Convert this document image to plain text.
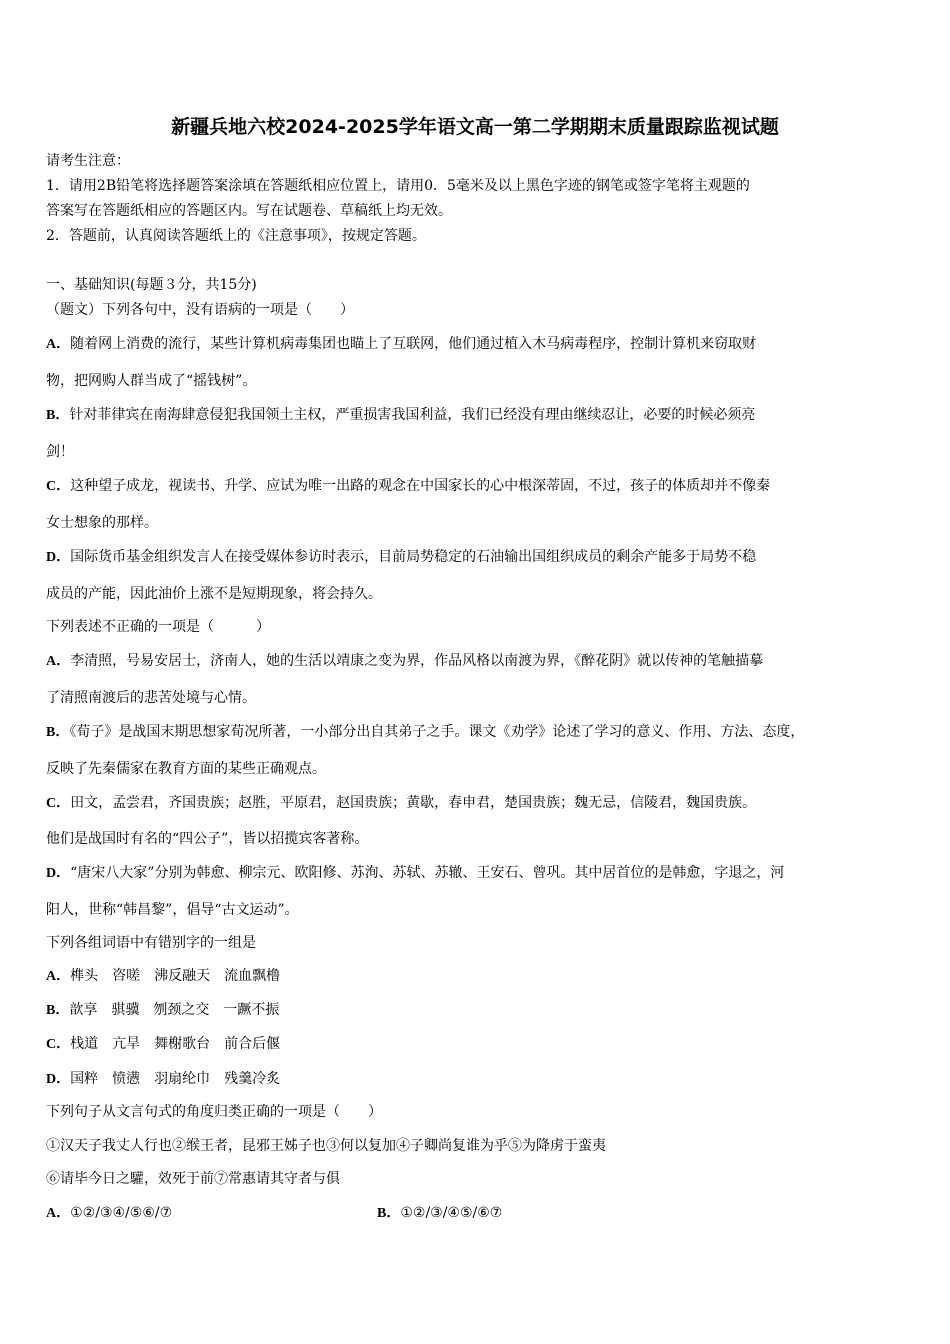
新疆兵地六校2024-2025学年语文高一第二学期期末质量跟踪监视试题
请考生注意：
1．请用2B铅笔将选择题答案涂填在答题纸相应位置上，请用0．5毫米及以上黑色字迹的钢笔或签字笔将主观题的
答案写在答题纸相应的答题区内。写在试题卷、草稿纸上均无效。
2．答题前，认真阅读答题纸上的《注意事项》，按规定答题。
一、基础知识(每题３分，共15分)
（题文）下列各句中，没有语病的一项是（　　）
A．随着网上消费的流行，某些计算机病毒集团也瞄上了互联网，他们通过植入木马病毒程序，控制计算机来窃取财
物，把网购人群当成了“摇钱树”。
B．针对菲律宾在南海肆意侵犯我国领土主权，严重损害我国利益，我们已经没有理由继续忍让，必要的时候必须亮
剑！
C．这种望子成龙，视读书、升学、应试为唯一出路的观念在中国家长的心中根深蒂固，不过，孩子的体质却并不像秦
女士想象的那样。
D．国际货币基金组织发言人在接受媒体参访时表示，目前局势稳定的石油输出国组织成员的剩余产能多于局势不稳
成员的产能，因此油价上涨不是短期现象，将会持久。
下列表述不正确的一项是（　　　）
A．李清照，号易安居士，济南人，她的生活以靖康之变为界，作品风格以南渡为界，《醉花阴》就以传神的笔触描摹
了清照南渡后的悲苦处境与心情。
B．《荀子》是战国末期思想家荀况所著，一小部分出自其弟子之手。课文《劝学》论述了学习的意义、作用、方法、态度，
反映了先秦儒家在教育方面的某些正确观点。
C．田文，孟尝君，齐国贵族；赵胜，平原君，赵国贵族；黄歇，春申君，楚国贵族；魏无忌，信陵君，魏国贵族。
他们是战国时有名的“四公子”，皆以招揽宾客著称。
D．“唐宋八大家”分别为韩愈、柳宗元、欧阳修、苏洵、苏轼、苏辙、王安石、曾巩。其中居首位的是韩愈，字退之，河
阳人，世称“韩昌黎”，倡导“古文运动”。
下列各组词语中有错别字的一组是
A．榫头　咨嗟　沸反融天　流血飘橹
B．歆享　骐骥　刎颈之交　一蹶不振
C．栈道　亢旱　舞榭歌台　前合后偃
D．国粹　愤懑　羽扇纶巾　残羹冷炙
下列句子从文言句式的角度归类正确的一项是（　　）
①汉天子我丈人行也②缑王者，昆邪王姊子也③何以复加④子卿尚复谁为乎⑤为降虏于蛮夷
⑥请毕今日之驩，效死于前⑦常惠请其守者与俱
A．①②/③④/⑤⑥/⑦	B．①②/③/④⑤/⑥⑦
